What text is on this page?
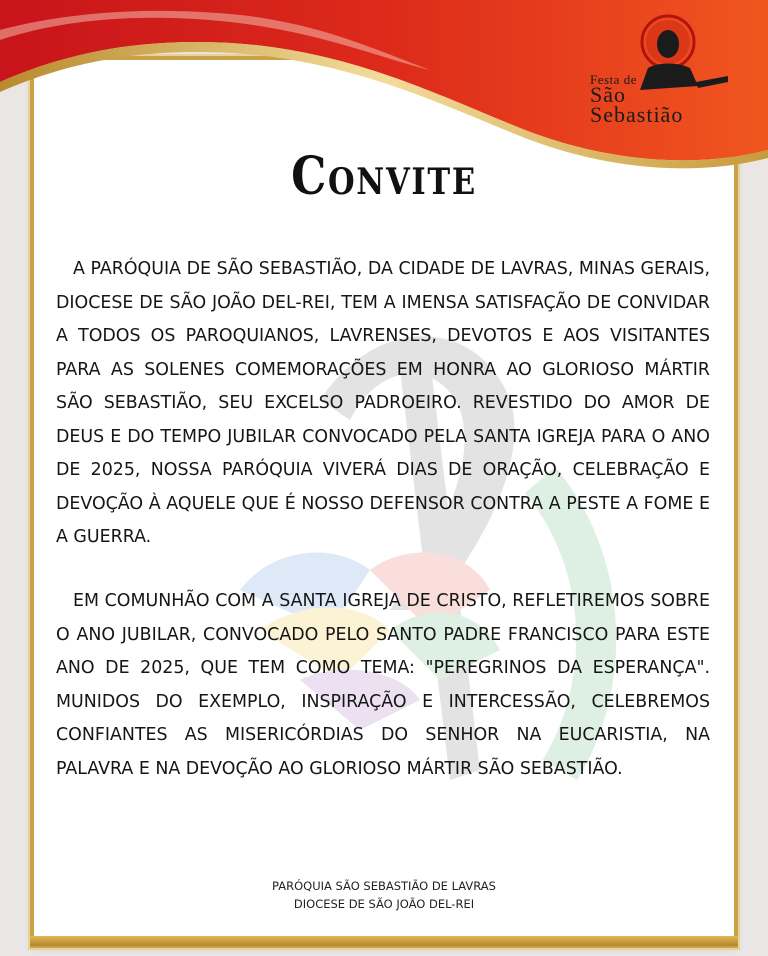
Festa de
São
Sebastião
Convite

A PARÓQUIA DE SÃO SEBASTIÃO, DA CIDADE DE LAVRAS, MINAS GERAIS, DIOCESE DE SÃO JOÃO DEL-REI, TEM A IMENSA SATISFAÇÃO DE CONVIDAR A TODOS OS PAROQUIANOS, LAVRENSES, DEVOTOS E AOS VISITANTES PARA AS SOLENES COMEMORAÇÕES EM HONRA AO GLORIOSO MÁRTIR SÃO SEBASTIÃO, SEU EXCELSO PADROEIRO. REVESTIDO DO AMOR DE DEUS E DO TEMPO JUBILAR CONVOCADO PELA SANTA IGREJA PARA O ANO DE 2025, NOSSA PARÓQUIA VIVERÁ DIAS DE ORAÇÃO, CELEBRAÇÃO E DEVOÇÃO À AQUELE QUE É NOSSO DEFENSOR CONTRA A PESTE A FOME E A GUERRA.

EM COMUNHÃO COM A SANTA IGREJA DE CRISTO, REFLETIREMOS SOBRE O ANO JUBILAR, CONVOCADO PELO SANTO PADRE FRANCISCO PARA ESTE ANO DE 2025, QUE TEM COMO TEMA: "PEREGRINOS DA ESPERANÇA". MUNIDOS DO EXEMPLO, INSPIRAÇÃO E INTERCESSÃO, CELEBREMOS CONFIANTES AS MISERICÓRDIAS DO SENHOR NA EUCARISTIA, NA PALAVRA E NA DEVOÇÃO AO GLORIOSO MÁRTIR SÃO SEBASTIÃO.

PARÓQUIA SÃO SEBASTIÃO DE LAVRAS
DIOCESE DE SÃO JOÃO DEL-REI
